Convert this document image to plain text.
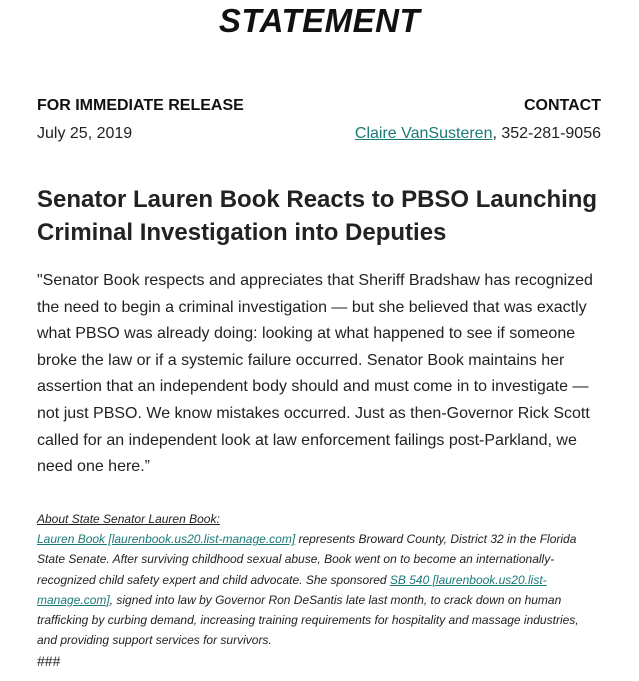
STATEMENT
FOR IMMEDIATE RELEASE
July 25, 2019
CONTACT
Claire VanSusteren, 352-281-9056
Senator Lauren Book Reacts to PBSO Launching Criminal Investigation into Deputies
"Senator Book respects and appreciates that Sheriff Bradshaw has recognized the need to begin a criminal investigation — but she believed that was exactly what PBSO was already doing: looking at what happened to see if someone broke the law or if a systemic failure occurred. Senator Book maintains her assertion that an independent body should and must come in to investigate — not just PBSO. We know mistakes occurred. Just as then-Governor Rick Scott called for an independent look at law enforcement failings post-Parkland, we need one here.”
About State Senator Lauren Book:
Lauren Book [laurenbook.us20.list-manage.com] represents Broward County, District 32 in the Florida State Senate. After surviving childhood sexual abuse, Book went on to become an internationally-recognized child safety expert and child advocate. She sponsored SB 540 [laurenbook.us20.list-manage.com], signed into law by Governor Ron DeSantis late last month, to crack down on human trafficking by curbing demand, increasing training requirements for hospitality and massage industries, and providing support services for survivors.
###
